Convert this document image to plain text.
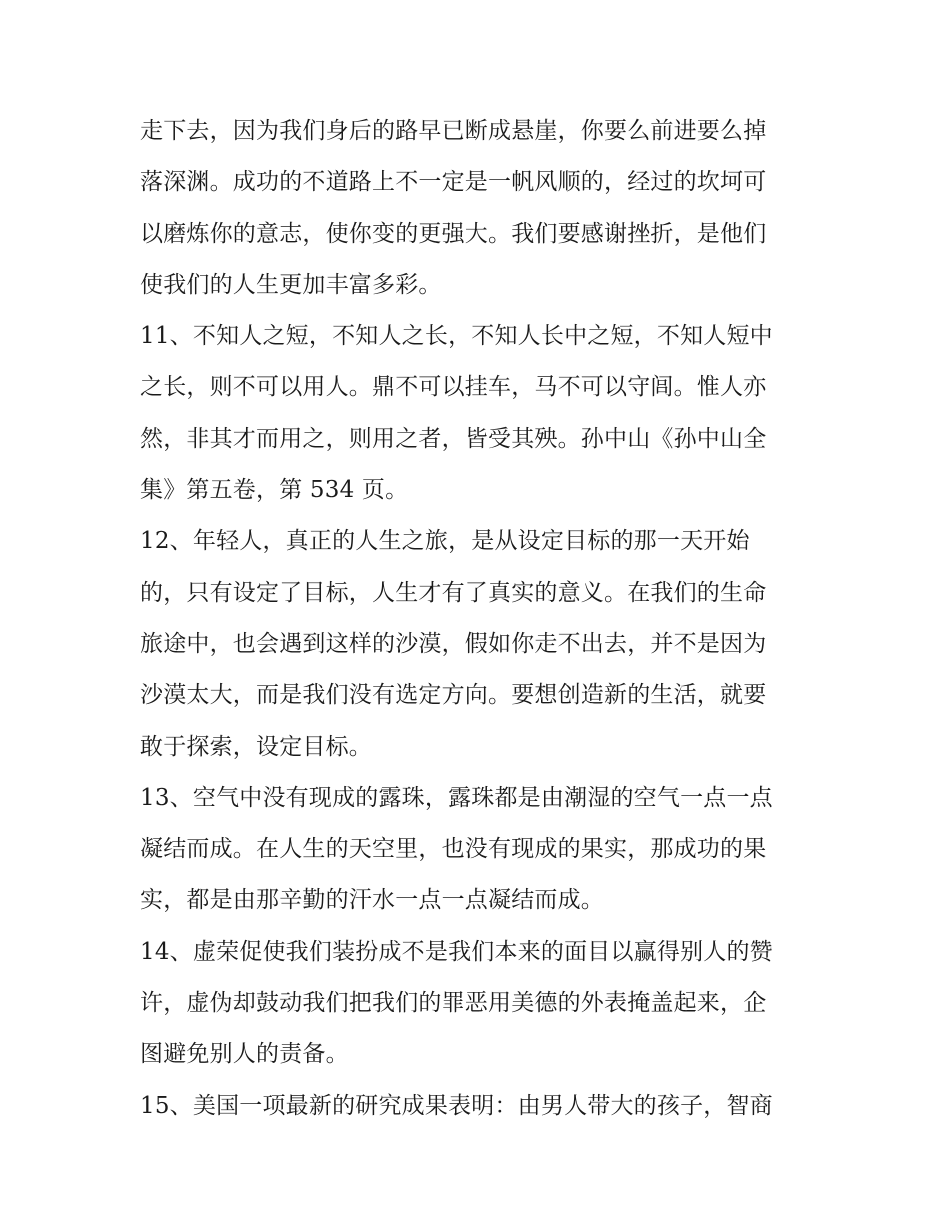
走下去，因为我们身后的路早已断成悬崖，你要么前进要么掉
落深渊。成功的不道路上不一定是一帆风顺的，经过的坎坷可
以磨炼你的意志，使你变的更强大。我们要感谢挫折，是他们
使我们的人生更加丰富多彩。
11、不知人之短，不知人之长，不知人长中之短，不知人短中
之长，则不可以用人。鼎不可以挂车，马不可以守闾。惟人亦
然，非其才而用之，则用之者，皆受其殃。孙中山《孙中山全
集》第五卷，第 534 页。
12、年轻人，真正的人生之旅，是从设定目标的那一天开始
的，只有设定了目标，人生才有了真实的意义。在我们的生命
旅途中，也会遇到这样的沙漠，假如你走不出去，并不是因为
沙漠太大，而是我们没有选定方向。要想创造新的生活，就要
敢于探索，设定目标。
13、空气中没有现成的露珠，露珠都是由潮湿的空气一点一点
凝结而成。在人生的天空里，也没有现成的果实，那成功的果
实，都是由那辛勤的汗水一点一点凝结而成。
14、虚荣促使我们装扮成不是我们本来的面目以赢得别人的赞
许，虚伪却鼓动我们把我们的罪恶用美德的外表掩盖起来，企
图避免别人的责备。
15、美国一项最新的研究成果表明：由男人带大的孩子，智商
